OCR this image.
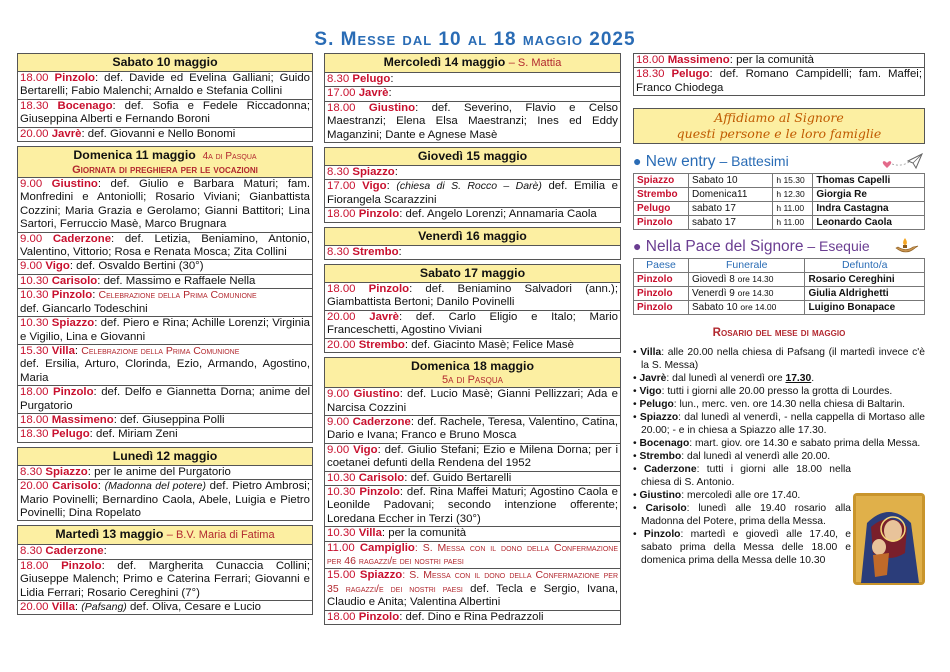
S. Messe dal 10 al 18 maggio 2025
Sabato 10 maggio
18.00 Pinzolo: def. Davide ed Evelina Galliani; Guido Bertarelli; Fabio Malenchi; Arnaldo e Stefania Collini
18.30 Bocenago: def. Sofia e Fedele Riccadonna; Giuseppina Alberti e Fernando Boroni
20.00 Javrè: def. Giovanni e Nello Bonomi
Domenica 11 maggio 4a di Pasqua
Giornata di preghiera per le vocazioni
9.00 Giustino: def. Giulio e Barbara Maturi; fam. Monfredini e Antoniolli; Rosario Viviani; Gianbattista Cozzini; Maria Grazia e Gerolamo; Gianni Battitori; Lina Sartori, Ferruccio Masè, Marco Brugnara
9.00 Caderzone: def. Letizia, Beniamino, Antonio, Valentino, Vittorio; Rosa e Renata Mosca; Zita Collini
9.00 Vigo: def. Osvaldo Bertini (30°)
10.30 Carisolo: def. Massimo e Raffaele Nella
10.30 Pinzolo: Celebrazione della Prima Comunione
def. Giancarlo Todeschini
10.30 Spiazzo: def. Piero e Rina; Achille Lorenzi; Virginia e Vigilio, Lina e Giovanni
15.30 Villa: Celebrazione della Prima Comunione
def. Ersilia, Arturo, Clorinda, Ezio, Armando, Agostino, Maria
18.00 Pinzolo: def. Delfo e Giannetta Dorna; anime del Purgatorio
18.00 Massimeno: def. Giuseppina Polli
18.30 Pelugo: def. Miriam Zeni
Lunedì 12 maggio
8.30 Spiazzo: per le anime del Purgatorio
20.00 Carisolo: (Madonna del potere) def. Pietro Ambrosi; Mario Povinelli; Bernardino Caola, Abele, Luigia e Pietro Povinelli; Dina Ropelato
Martedì 13 maggio – B.V. Maria di Fatima
8.30 Caderzone:
18.00 Pinzolo: def. Margherita Cunaccia Collini; Giuseppe Malench; Primo e Caterina Ferrari; Giovanni e Lidia Ferrari; Rosario Cereghini (7°)
20.00 Villa: (Pafsang) def. Oliva, Cesare e Lucio
Mercoledì 14 maggio – S. Mattia
8.30 Pelugo:
17.00 Javrè:
18.00 Giustino: def. Severino, Flavio e Celso Maestranzi; Elena Elsa Maestranzi; Ines ed Eddy Maganzini; Dante e Agnese Masè
Giovedì 15 maggio
8.30 Spiazzo:
17.00 Vigo: (chiesa di S. Rocco – Darè) def. Emilia e Fiorangela Scarazzini
18.00 Pinzolo: def. Angelo Lorenzi; Annamaria Caola
Venerdì 16 maggio
8.30 Strembo:
Sabato 17 maggio
18.00 Pinzolo: def. Beniamino Salvadori (ann.); Giambattista Bertoni; Danilo Povinelli
20.00 Javrè: def. Carlo Eligio e Italo; Mario Franceschetti, Agostino Viviani
20.00 Strembo: def. Giacinto Masè; Felice Masè
Domenica 18 maggio
5a di Pasqua
9.00 Giustino: def. Lucio Masè; Gianni Pellizzari; Ada e Narcisa Cozzini
9.00 Caderzone: def. Rachele, Teresa, Valentino, Catina, Dario e Ivana; Franco e Bruno Mosca
9.00 Vigo: def. Giulio Stefani; Ezio e Milena Dorna; per i coetanei defunti della Rendena del 1952
10.30 Carisolo: def. Guido Bertarelli
10.30 Pinzolo: def. Rina Maffei Maturi; Agostino Caola e Leonilde Padovani; secondo intenzione offerente; Loredana Eccher in Terzi (30°)
10.30 Villa: per la comunità
11.00 Campiglio: S. Messa con il dono della Confermazione per 46 ragazzi/e dei nostri paesi
15.00 Spiazzo: S. Messa con il dono della Confermazione per 35 ragazzi/e dei nostri paesi def. Tecla e Sergio, Ivana, Claudio e Anita; Valentina Albertini
18.00 Pinzolo: def. Dino e Rina Pedrazzoli
18.00 Massimeno: per la comunità
18.30 Pelugo: def. Romano Campidelli; fam. Maffei; Franco Chiodega
Affidiamo al Signore
questi persone e le loro famiglie
● New entry – Battesimi
Spiazzo	Sabato 10	h 15.30	Thomas Capelli
Strembo	Domenica11	h 12.30	Giorgia Re
Pelugo	sabato 17	h 11.00	Indra Castagna
Pinzolo	sabato 17	h 11.00	Leonardo Caola
● Nella Pace del Signore – Esequie
Paese	Funerale	Defunto/a
Pinzolo	Giovedì 8 ore 14.30	Rosario Cereghini
Pinzolo	Venerdì 9 ore 14.30	Giulia Aldrighetti
Pinzolo	Sabato 10 ore 14.00	Luigino Bonapace
Rosario del mese di maggio
• Villa: alle 20.00 nella chiesa di Pafsang (il martedì invece c'è la S. Messa)
• Javrè: dal lunedì al venerdì ore 17.30.
• Vigo: tutti i giorni alle 20.00 presso la grotta di Lourdes.
• Pelugo: lun., merc. ven. ore 14.30 nella chiesa di Baltarin.
• Spiazzo: dal lunedì al venerdì, - nella cappella di Mortaso alle 20.00; - e in chiesa a Spiazzo alle 17.30.
• Bocenago: mart. giov. ore 14.30 e sabato prima della Messa.
• Strembo: dal lunedì al venerdì alle 20.00.
• Caderzone: tutti i giorni alle 18.00 nella chiesa di S. Antonio.
• Giustino: mercoledì alle ore 17.40.
• Carisolo: lunedì alle 19.40 rosario alla Madonna del Potere, prima della Messa.
• Pinzolo: martedì e giovedì alle 17.40, e sabato prima della Messa delle 18.00 e domenica prima della Messa delle 10.30
